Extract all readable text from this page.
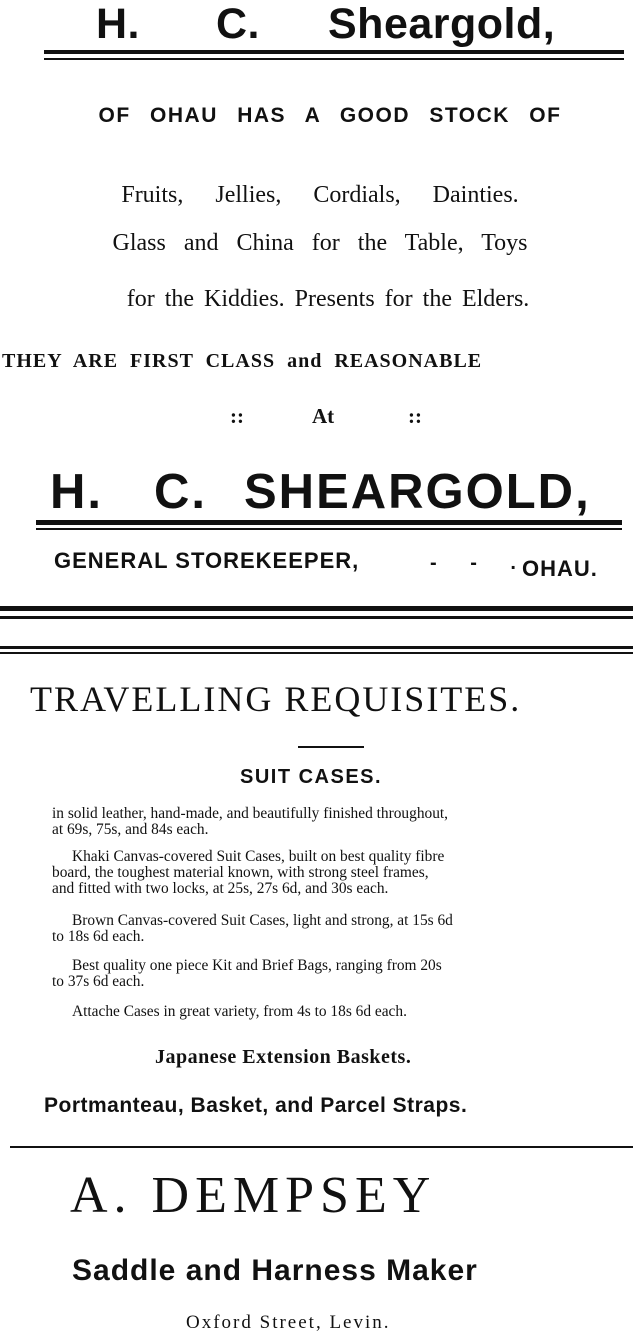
H. C. Sheargold,
OF OHAU HAS A GOOD STOCK OF
Fruits, Jellies, Cordials, Dainties.
Glass and China for the Table, Toys
for the Kiddies. Presents for the Elders.
THEY ARE FIRST CLASS and REASONABLE
::	At	::
H. C. SHEARGOLD,
GENERAL STOREKEEPER,	- - .
OHAU.
TRAVELLING REQUISITES.
SUIT CASES.
in solid leather, hand-made, and beautifully finished throughout,
at 69s, 75s, and 84s each.
Khaki Canvas-covered Suit Cases, built on best quality fibre
board, the toughest material known, with strong steel frames,
and fitted with two locks, at 25s, 27s 6d, and 30s each.
Brown Canvas-covered Suit Cases, light and strong, at 15s 6d
to 18s 6d each.
Best quality one piece Kit and Brief Bags, ranging from 20s
to 37s 6d each.
Attache Cases in great variety, from 4s to 18s 6d each.
Japanese Extension Baskets.
Portmanteau, Basket, and Parcel Straps.
A. DEMPSEY
Saddle and Harness Maker
Oxford Street, Levin.
